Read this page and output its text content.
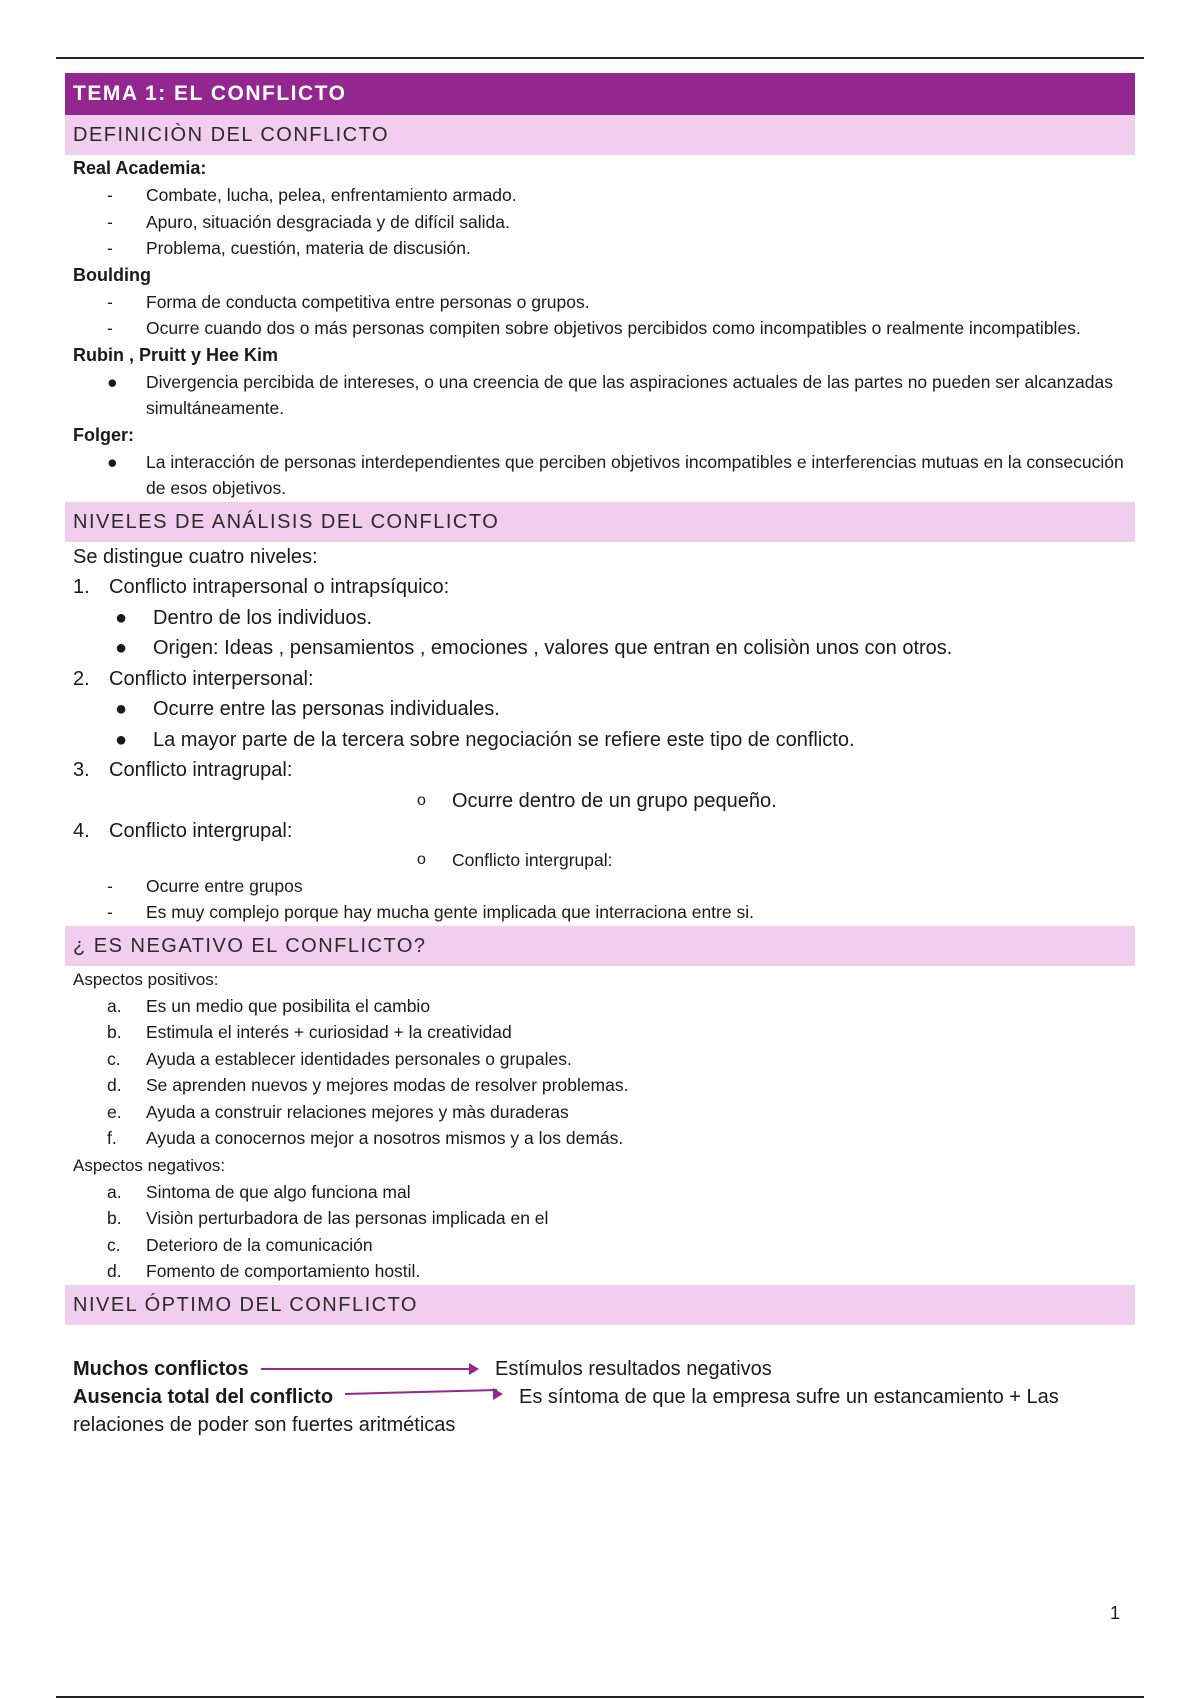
TEMA 1: EL CONFLICTO
DEFINICIÒN DEL CONFLICTO
Real Academia:
-	Combate, lucha, pelea, enfrentamiento armado.
-	Apuro, situación desgraciada y de difícil salida.
-	Problema, cuestión, materia de discusión.
Boulding
-	Forma de conducta competitiva entre personas o grupos.
-	Ocurre cuando dos o más personas compiten sobre objetivos percibidos como incompatibles o realmente incompatibles.
Rubin , Pruitt y Hee Kim
●	Divergencia percibida de intereses, o una creencia de que las aspiraciones actuales de las partes no pueden ser alcanzadas simultáneamente.
Folger:
●	La interacción de personas interdependientes que perciben objetivos incompatibles e interferencias mutuas en la consecución de esos objetivos.
NIVELES DE ANÁLISIS DEL CONFLICTO
Se distingue cuatro niveles:
1. Conflicto intrapersonal o intrapsíquico:
● Dentro de los individuos.
● Origen: Ideas , pensamientos , emociones , valores que entran en colisiòn unos con otros.
2. Conflicto interpersonal:
● Ocurre entre las personas individuales.
● La mayor parte de la tercera sobre negociación se refiere este tipo de conflicto.
3. Conflicto intragrupal:
o Ocurre dentro de un grupo pequeño.
4. Conflicto intergrupal:
o Conflicto intergrupal:
-	Ocurre entre grupos
-	Es muy complejo porque hay mucha gente implicada que interraciona entre si.
¿ ES NEGATIVO EL CONFLICTO?
Aspectos positivos:
a.	Es un medio que posibilita el cambio
b.	Estimula el interés + curiosidad + la creatividad
c.	Ayuda a establecer identidades personales o grupales.
d.	Se aprenden nuevos y mejores modas de resolver problemas.
e.	Ayuda a construir relaciones mejores y màs duraderas
f.	Ayuda a conocernos mejor a nosotros mismos y a los demás.
Aspectos negativos:
a.	Sintoma de que algo funciona mal
b.	Visiòn perturbadora de las personas implicada en el
c.	Deterioro de la comunicación
d.	Fomento de comportamiento hostil.
NIVEL ÓPTIMO DEL CONFLICTO
Muchos conflictos	Estímulos resultados negativos
Ausencia total del conflicto	Es síntoma de que la empresa sufre un estancamiento + Las
relaciones de poder son fuertes aritméticas
1
